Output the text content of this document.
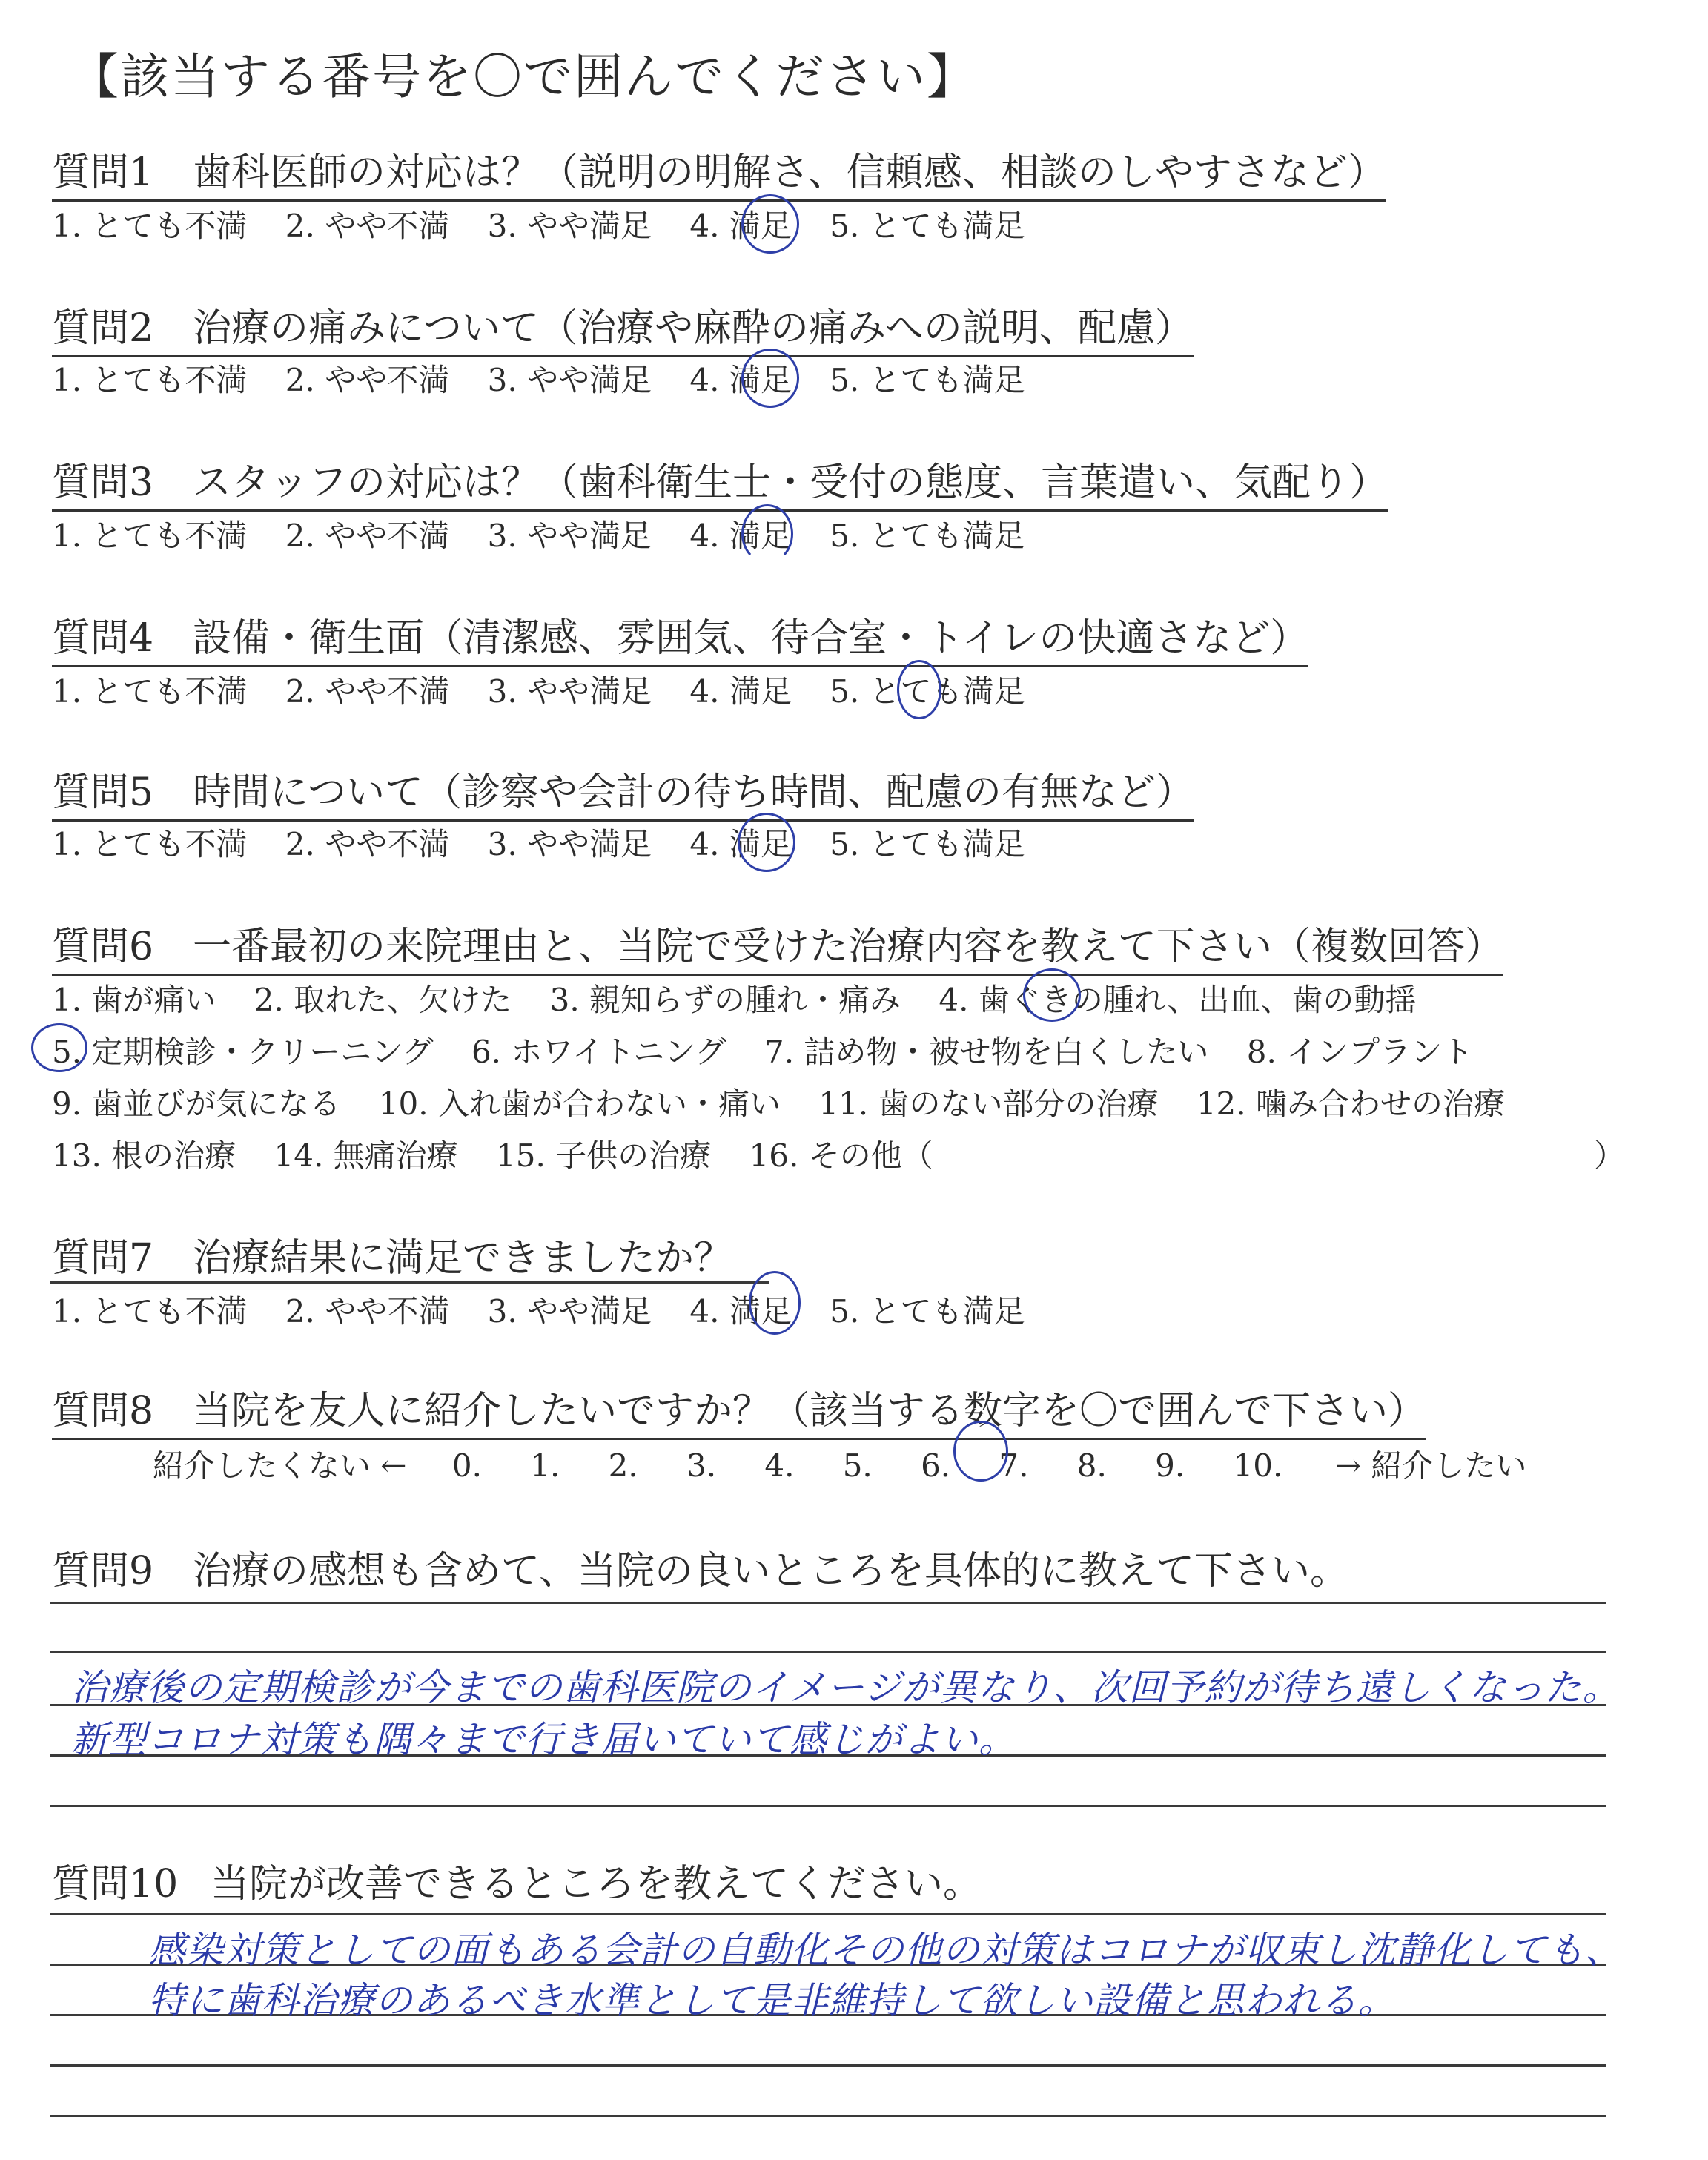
【該当する番号を〇で囲んでください】
質問1 歯科医師の対応は？（説明の明解さ、信頼感、相談のしやすさなど）
1. とても不満 2. やや不満 3. やや満足 4. 満足 5. とても満足
質問2 治療の痛みについて（治療や麻酔の痛みへの説明、配慮）
1. とても不満 2. やや不満 3. やや満足 4. 満足 5. とても満足
質問3 スタッフの対応は？（歯科衛生士・受付の態度、言葉遣い、気配り）
1. とても不満 2. やや不満 3. やや満足 4. 満足 5. とても満足
質問4 設備・衛生面（清潔感、雰囲気、待合室・トイレの快適さなど）
1. とても不満 2. やや不満 3. やや満足 4. 満足 5. とても満足
質問5 時間について（診察や会計の待ち時間、配慮の有無など）
1. とても不満 2. やや不満 3. やや満足 4. 満足 5. とても満足
質問6 一番最初の来院理由と、当院で受けた治療内容を教えて下さい（複数回答）
1. 歯が痛い 2. 取れた、欠けた 3. 親知らずの腫れ・痛み 4. 歯ぐきの腫れ、出血、歯の動揺
5. 定期検診・クリーニング 6. ホワイトニング 7. 詰め物・被せ物を白くしたい 8. インプラント
9. 歯並びが気になる 10. 入れ歯が合わない・痛い 11. 歯のない部分の治療 12. 噛み合わせの治療
13. 根の治療 14. 無痛治療 15. 子供の治療 16. その他（	）
質問7 治療結果に満足できましたか？
1. とても不満 2. やや不満 3. やや満足 4. 満足 5. とても満足
質問8 当院を友人に紹介したいですか？（該当する数字を〇で囲んで下さい）
紹介したくない ← 0. 1. 2. 3. 4. 5. 6. 7. 8. 9. 10. → 紹介したい
質問9 治療の感想も含めて、当院の良いところを具体的に教えて下さい。
治療後の定期検診が今までの歯科医院のイメージが異なり、次回予約が待ち遠しくなった。
新型コロナ対策も隅々まで行き届いていて感じがよい。
質問10 当院が改善できるところを教えてください。
感染対策としての面もある会計の自動化その他の対策はコロナが収束し沈静化しても、
特に歯科治療のあるべき水準として是非維持して欲しい設備と思われる。
